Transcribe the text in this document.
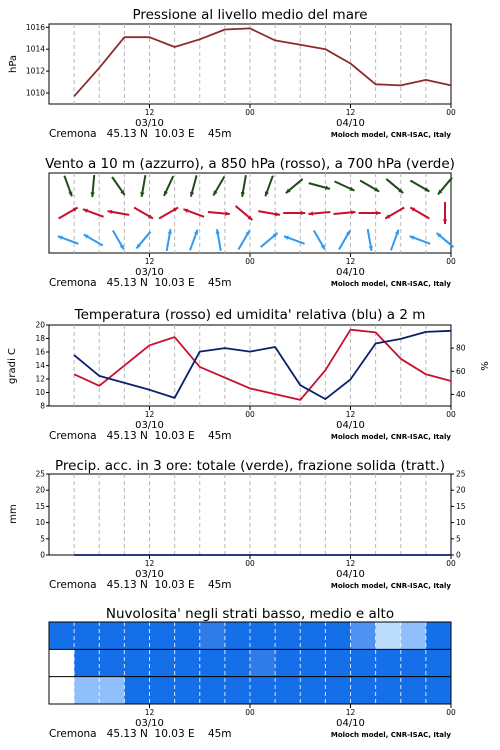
Pressione al livello medio del mare
hPa
1010
1012
1014
1016
12	00	12	00
03/10	04/10
Cremona   45.13 N  10.03 E    45m	Moloch model, CNR-ISAC, Italy
Vento a 10 m (azzurro), a 850 hPa (rosso), a 700 hPa (verde)
12	00	12	00
03/10	04/10
Cremona   45.13 N  10.03 E    45m	Moloch model, CNR-ISAC, Italy
Temperatura (rosso) ed umidita' relativa (blu) a 2 m
gradi C	%
8
10
12
14
16
18
20
40
60
80
12	00	12	00
03/10	04/10
Cremona   45.13 N  10.03 E    45m	Moloch model, CNR-ISAC, Italy
Precip. acc. in 3 ore: totale (verde), frazione solida (tratt.)
mm
0
5
10
15
20
25
0
5
10
15
20
25
12	00	12	00
03/10	04/10
Cremona   45.13 N  10.03 E    45m	Moloch model, CNR-ISAC, Italy
Nuvolosita' negli strati basso, medio e alto
12	00	12	00
03/10	04/10
Cremona   45.13 N  10.03 E    45m	Moloch model, CNR-ISAC, Italy
